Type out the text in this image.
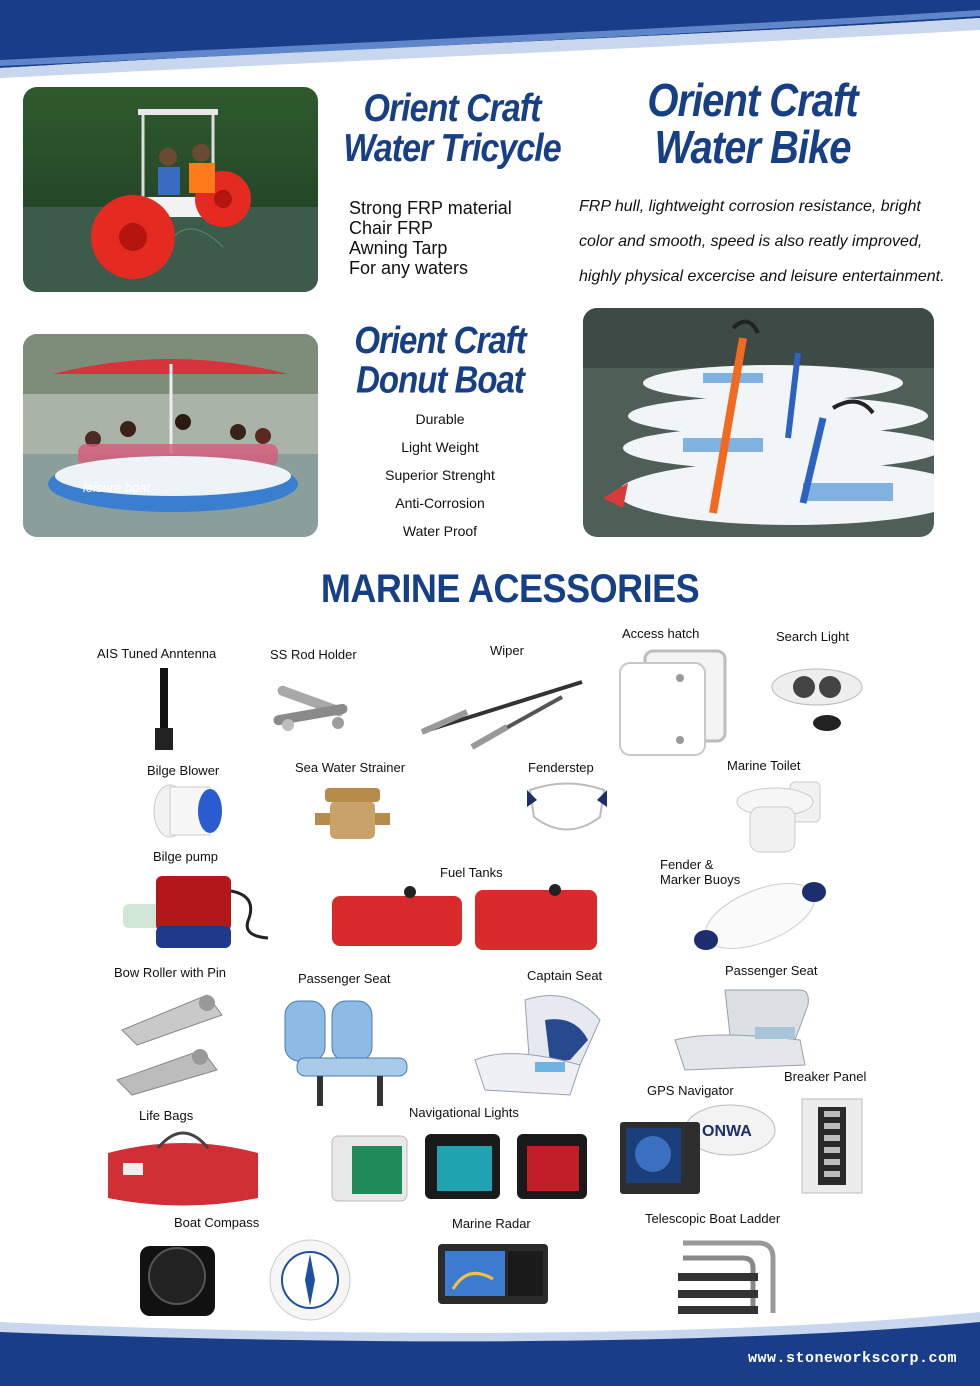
Orient Craft
Water Tricycle
Strong FRP material
Chair FRP
Awning Tarp
For any waters
Orient Craft
Water Bike
FRP hull, lightweight corrosion resistance, bright
color and smooth, speed is also reatly improved,
highly physical excercise and leisure entertainment.
leisure boat
Orient Craft
Donut Boat
Durable
Light Weight
Superior Strenght
Anti-Corrosion
Water Proof
MARINE ACESSORIES
AIS Tuned Anntenna	SS Rod Holder	Wiper
Access hatch	Search Light
Bilge Blower	Sea Water Strainer	Fenderstep	Marine Toilet
Bilge pump
Fuel Tanks
Fender &
Marker Buoys
Bow Roller with Pin	Passenger Seat	Captain Seat	Passenger Seat
GPS Navigator
Breaker Panel
Life Bags	Navigational Lights
Boat Compass	Marine Radar	Telescopic Boat Ladder
ONWA
www.stoneworkscorp.com
